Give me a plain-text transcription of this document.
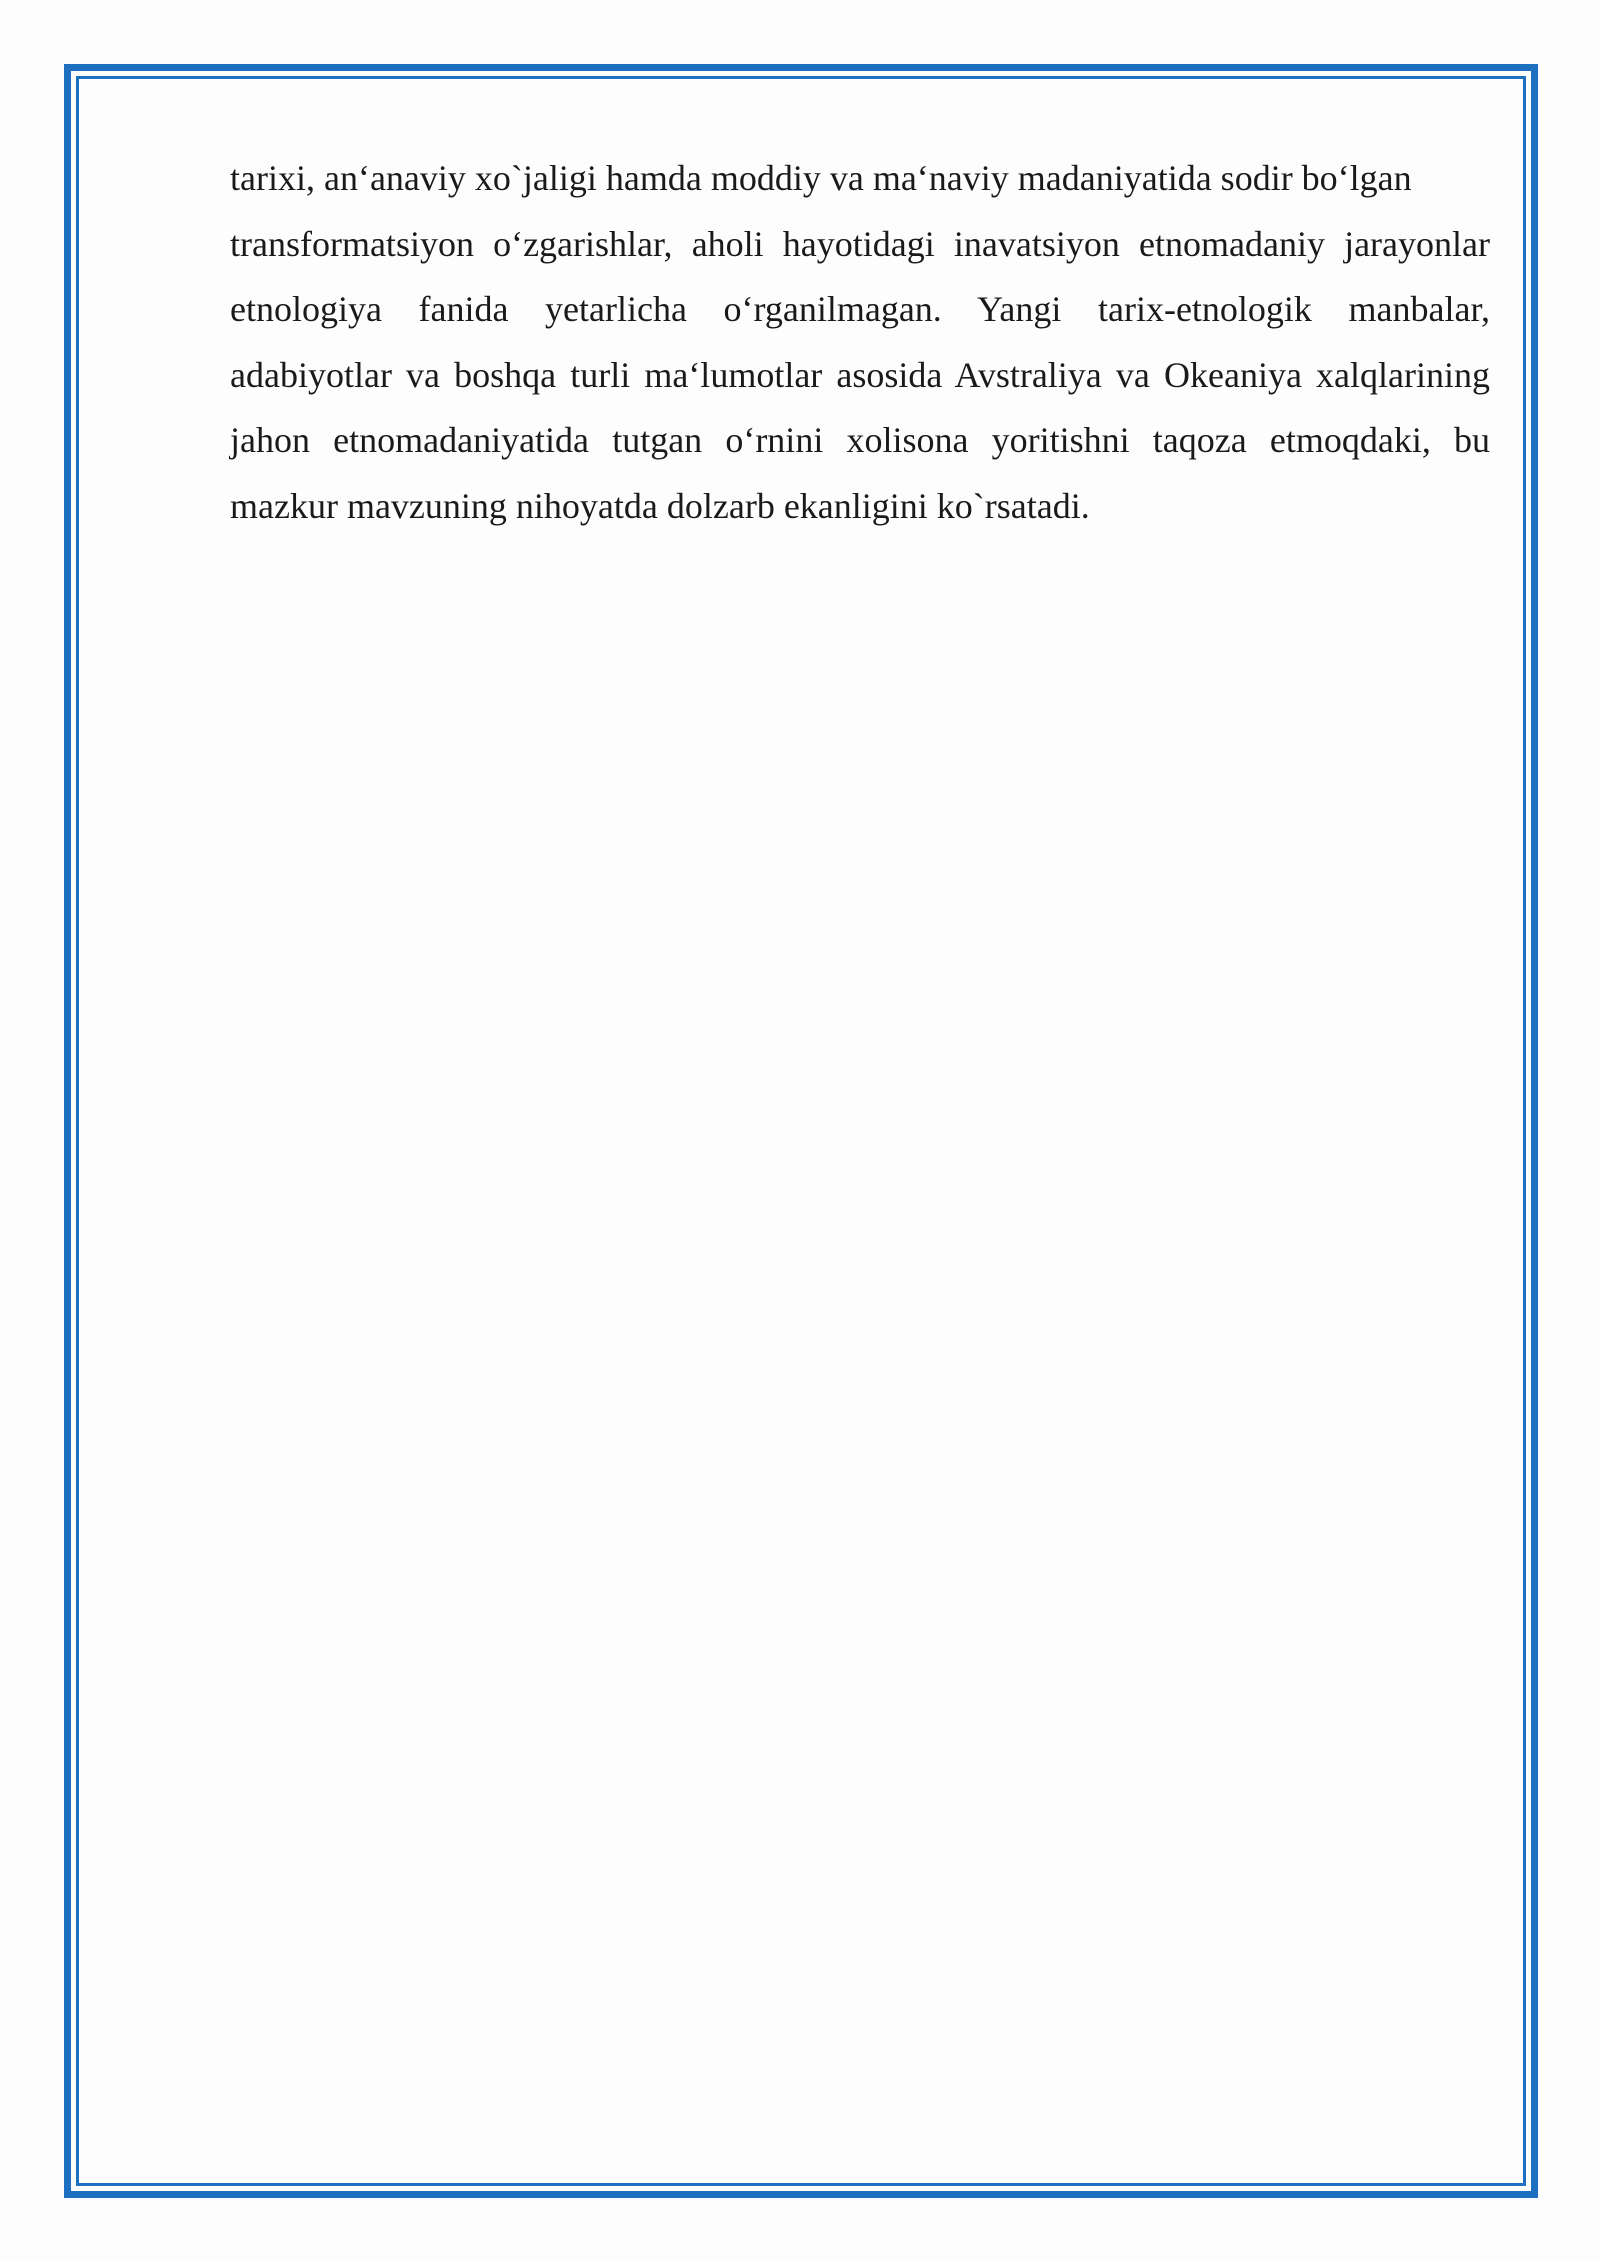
tarixi, an‘anaviy xo`jaligi hamda moddiy va ma‘naviy madaniyatida sodir bo‘lgan
transformatsiyon o‘zgarishlar, aholi hayotidagi inavatsiyon etnomadaniy jarayonlar
etnologiya fanida yetarlicha o‘rganilmagan. Yangi tarix-etnologik manbalar,
adabiyotlar va boshqa turli ma‘lumotlar asosida Avstraliya va Okeaniya xalqlarining
jahon etnomadaniyatida tutgan o‘rnini xolisona yoritishni taqoza etmoqdaki, bu
mazkur mavzuning nihoyatda dolzarb ekanligini ko`rsatadi.
